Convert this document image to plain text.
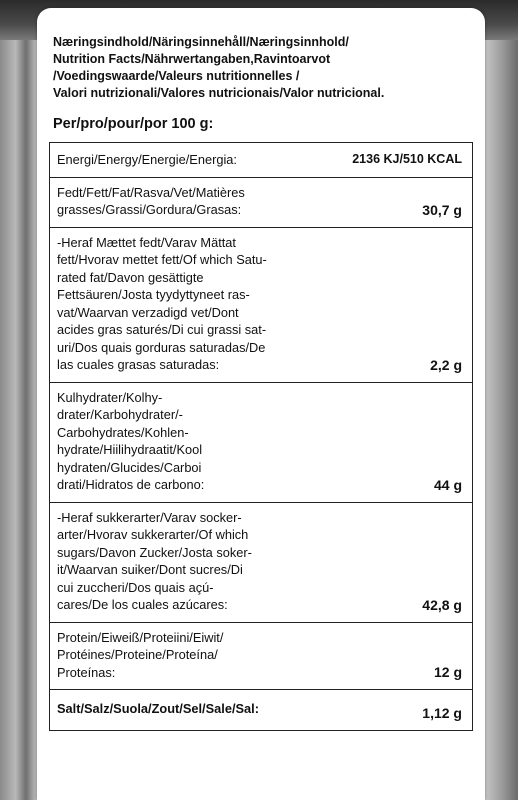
Næringsindhold/Näringsinnehåll/Næringsinnhold/
Nutrition Facts/Nährwertangaben,Ravintoarvot
/Voedingswaarde/Valeurs nutritionnelles /
Valori nutrizionali/Valores nutricionais/Valor nutricional.
Per/pro/pour/por 100 g:
Energi/Energy/Energie/Energia:	2136 KJ/510 KCAL
Fedt/Fett/Fat/Rasva/Vet/Matières
grasses/Grassi/Gordura/Grasas:	30,7 g
-Heraf Mættet fedt/Varav Mättat
fett/Hvorav mettet fett/Of which Satu-
rated fat/Davon gesättigte
Fettsäuren/Josta tyydyttyneet ras-
vat/Waarvan verzadigd vet/Dont
acides gras saturés/Di cui grassi sat-
uri/Dos quais gorduras saturadas/De
las cuales grasas saturadas:	2,2 g
Kulhydrater/Kolhy-
drater/Karbohydrater/-
Carbohydrates/Kohlen-
hydrate/Hiilihydraatit/Kool
hydraten/Glucides/Carboi
drati/Hidratos de carbono:	44 g
-Heraf sukkerarter/Varav socker-
arter/Hvorav sukkerarter/Of which
sugars/Davon Zucker/Josta soker-
it/Waarvan suiker/Dont sucres/Di
cui zuccheri/Dos quais açú-
cares/De los cuales azúcares:	42,8 g
Protein/Eiweiß/Proteiini/Eiwit/
Protéines/Proteine/Proteína/
Proteínas:	12 g
Salt/Salz/Suola/Zout/Sel/Sale/Sal:	1,12 g
